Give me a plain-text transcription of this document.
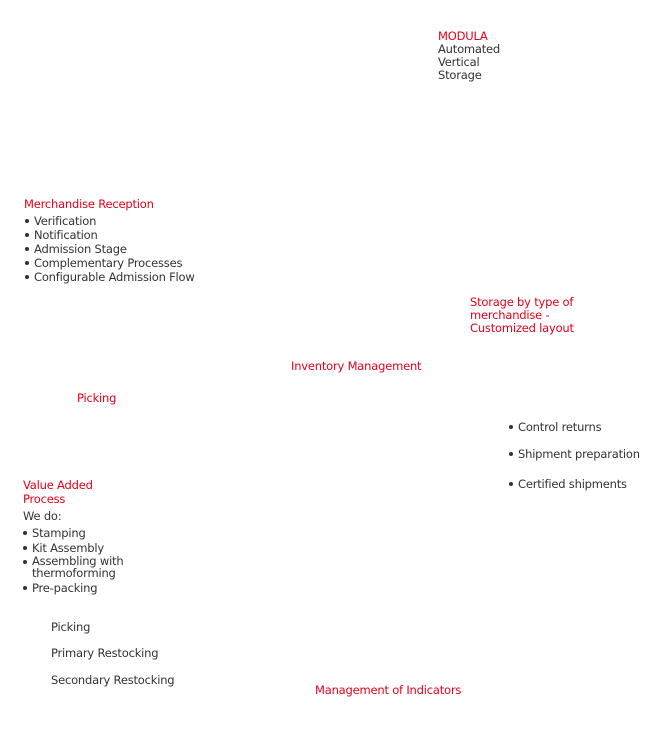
MODULA
Automated
Vertical
Storage
Merchandise Reception
Verification
Notification
Admission Stage
Complementary Processes
Configurable Admission Flow
Storage by type of
merchandise -
Customized layout
Inventory Management
Picking
Control returns
Shipment preparation
Certified shipments
Value Added
Process
We do:
Stamping
Kit Assembly
Assembling with thermoforming
Pre-packing
Picking
Primary Restocking
Secondary Restocking
Management of Indicators
